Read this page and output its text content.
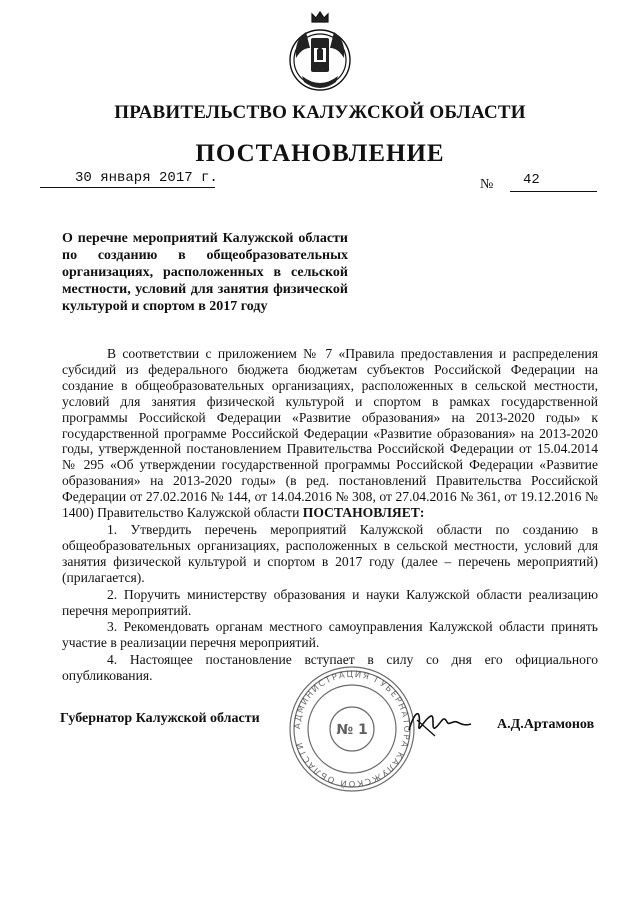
ПРАВИТЕЛЬСТВО КАЛУЖСКОЙ ОБЛАСТИ
ПОСТАНОВЛЕНИЕ
30 января 2017 г.	№ 42
О перечне мероприятий Калужской области по созданию в общеобразовательных организациях, расположенных в сельской местности, условий для занятия физической культурой и спортом в 2017 году

В соответствии с приложением № 7 «Правила предоставления и распределения субсидий из федерального бюджета бюджетам субъектов Российской Федерации на создание в общеобразовательных организациях, расположенных в сельской местности, условий для занятия физической культурой и спортом в рамках государственной программы Российской Федерации «Развитие образования» на 2013-2020 годы» к государственной программе Российской Федерации «Развитие образования» на 2013-2020 годы, утвержденной постановлением Правительства Российской Федерации от 15.04.2014 № 295 «Об утверждении государственной программы Российской Федерации «Развитие образования» на 2013-2020 годы» (в ред. постановлений Правительства Российской Федерации от 27.02.2016 № 144, от 14.04.2016 № 308, от 27.04.2016 № 361, от 19.12.2016 № 1400) Правительство Калужской области ПОСТАНОВЛЯЕТ:

1. Утвердить перечень мероприятий Калужской области по созданию в общеобразовательных организациях, расположенных в сельской местности, условий для занятия физической культурой и спортом в 2017 году (далее – перечень мероприятий) (прилагается).

2. Поручить министерству образования и науки Калужской области реализацию перечня мероприятий.

3. Рекомендовать органам местного самоуправления Калужской области принять участие в реализации перечня мероприятий.

4. Настоящее постановление вступает в силу со дня его официального опубликования.

Губернатор Калужской области	А.Д.Артамонов
АДМИНИСТРАЦИЯ ГУБЕРНАТОРА КАЛУЖСКОЙ ОБЛАСТИ
№ 1
